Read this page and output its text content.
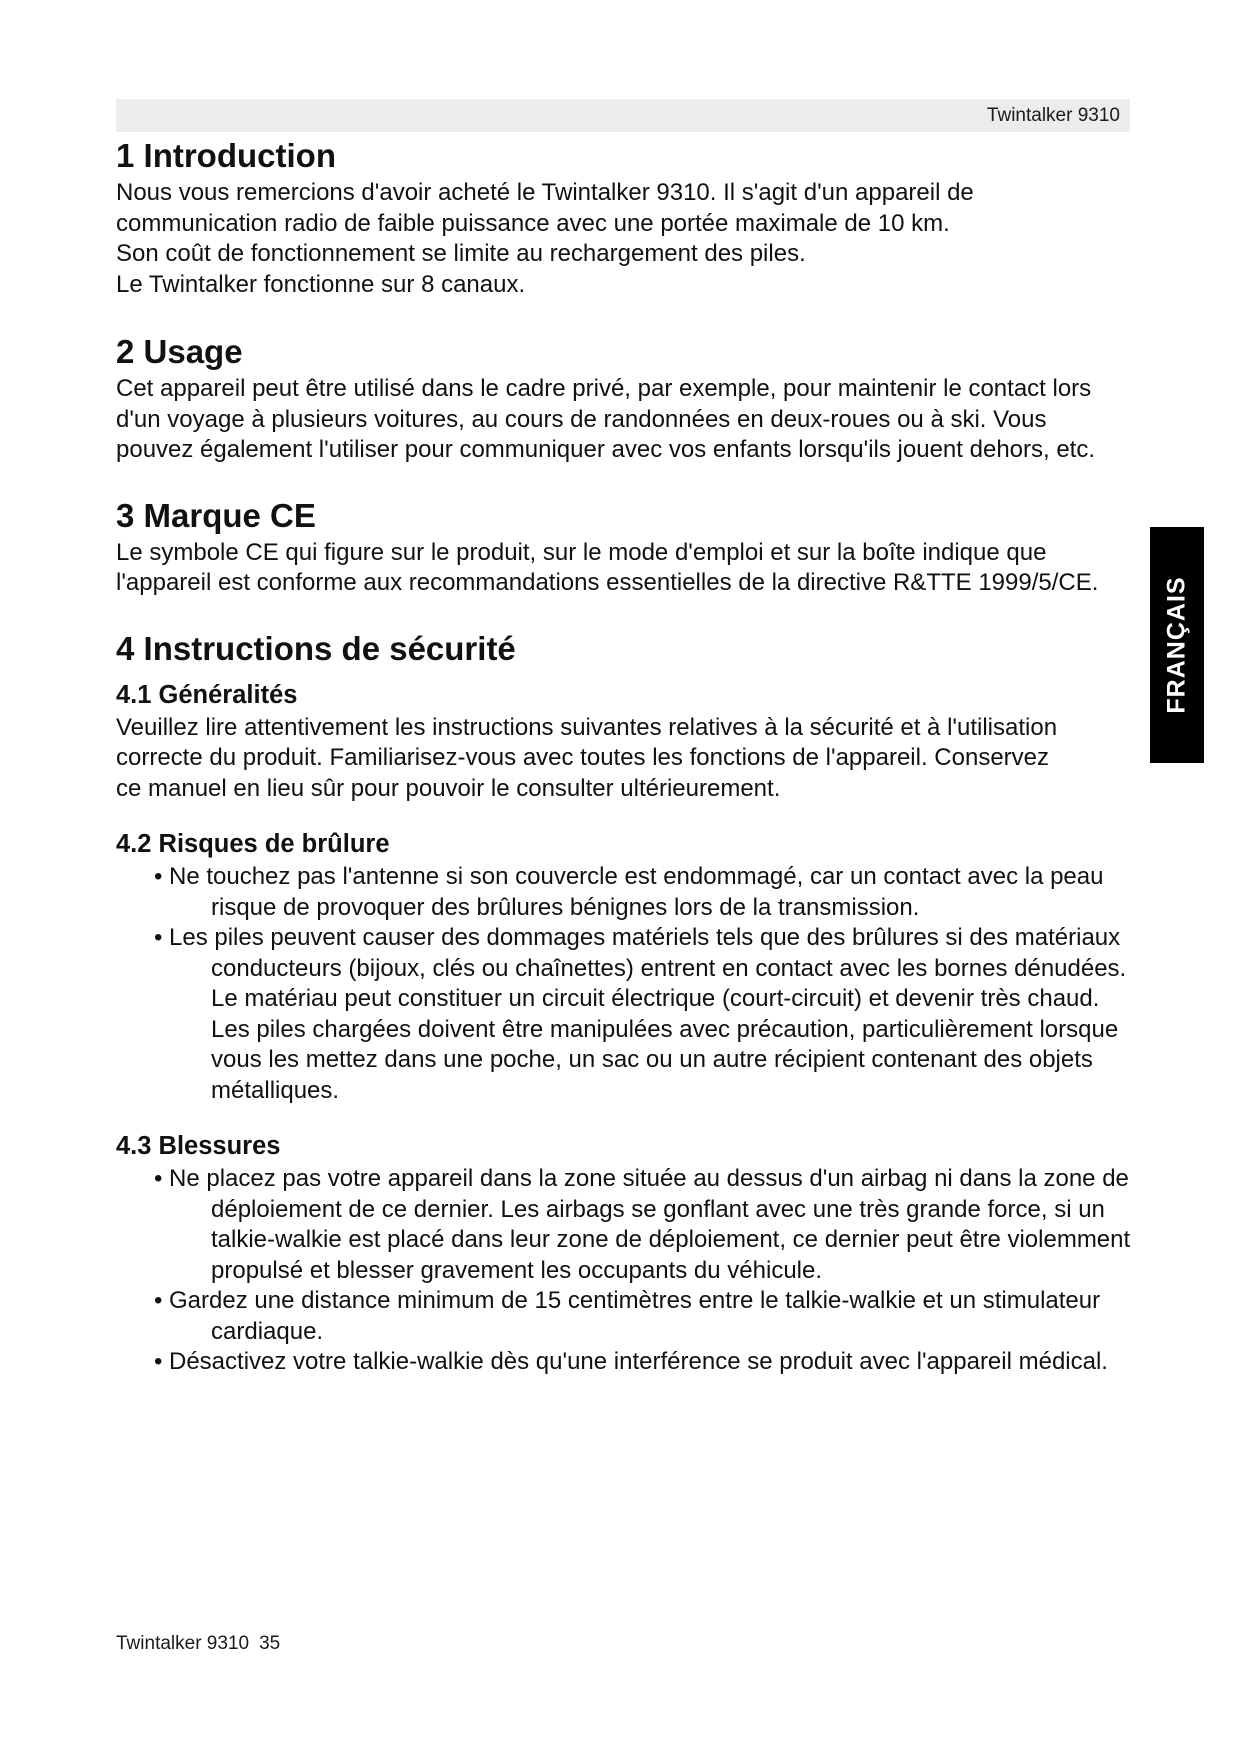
Twintalker 9310
FRANÇAIS
1 Introduction

Nous vous remercions d'avoir acheté le Twintalker 9310. Il s'agit d'un appareil de
communication radio de faible puissance avec une portée maximale de 10 km.
Son coût de fonctionnement se limite au rechargement des piles.
Le Twintalker fonctionne sur 8 canaux.

2 Usage

Cet appareil peut être utilisé dans le cadre privé, par exemple, pour maintenir le contact lors
d'un voyage à plusieurs voitures, au cours de randonnées en deux-roues ou à ski. Vous
pouvez également l'utiliser pour communiquer avec vos enfants lorsqu'ils jouent dehors, etc.

3 Marque CE

Le symbole CE qui figure sur le produit, sur le mode d'emploi et sur la boîte indique que
l'appareil est conforme aux recommandations essentielles de la directive R&TTE 1999/5/CE.

4 Instructions de sécurité
4.1 Généralités

Veuillez lire attentivement les instructions suivantes relatives à la sécurité et à l'utilisation
correcte du produit. Familiarisez-vous avec toutes les fonctions de l'appareil. Conservez
ce manuel en lieu sûr pour pouvoir le consulter ultérieurement.

4.2 Risques de brûlure
• Ne touchez pas l'antenne si son couvercle est endommagé, car un contact avec la peau risque de provoquer des brûlures bénignes lors de la transmission.
• Les piles peuvent causer des dommages matériels tels que des brûlures si des matériaux conducteurs (bijoux, clés ou chaînettes) entrent en contact avec les bornes dénudées. Le matériau peut constituer un circuit électrique (court-circuit) et devenir très chaud. Les piles chargées doivent être manipulées avec précaution, particulièrement lorsque vous les mettez dans une poche, un sac ou un autre récipient contenant des objets métalliques.
4.3 Blessures
• Ne placez pas votre appareil dans la zone située au dessus d'un airbag ni dans la zone de déploiement de ce dernier. Les airbags se gonflant avec une très grande force, si un talkie-walkie est placé dans leur zone de déploiement, ce dernier peut être violemment propulsé et blesser gravement les occupants du véhicule.
• Gardez une distance minimum de 15 centimètres entre le talkie-walkie et un stimulateur cardiaque.
• Désactivez votre talkie-walkie dès qu'une interférence se produit avec l'appareil médical.
Twintalker 9310 35
